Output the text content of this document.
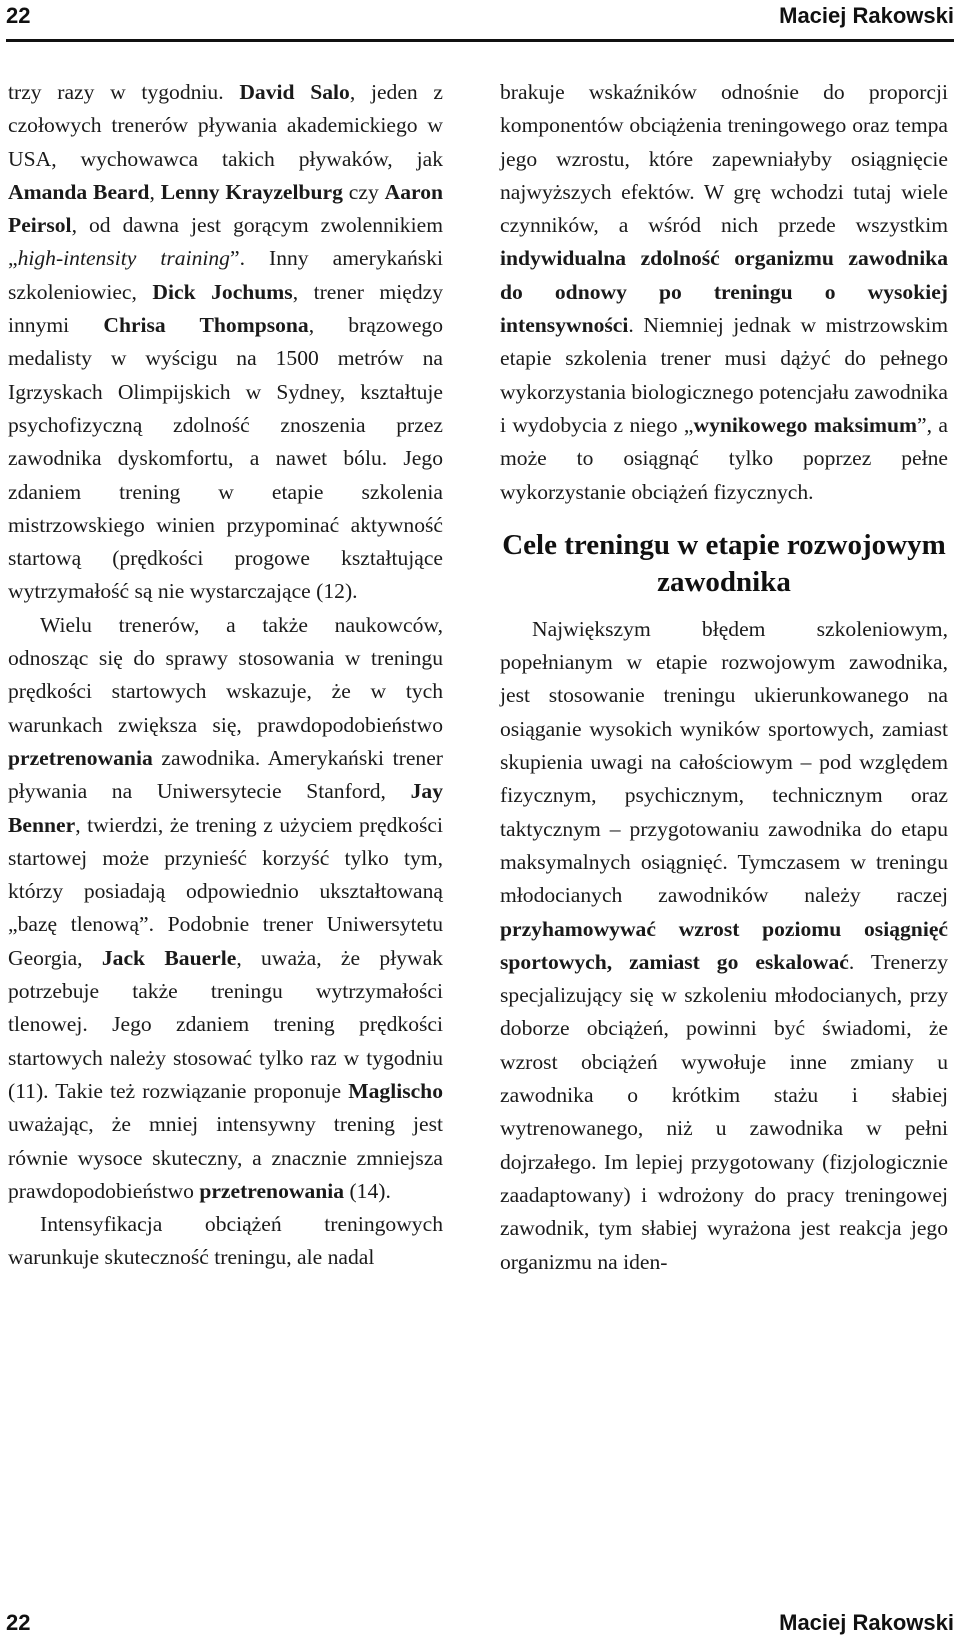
22	Maciej Rakowski

trzy razy w tygodniu. David Salo, jeden z czołowych trenerów pływania akademickiego w USA, wychowawca takich pływaków, jak Amanda Beard, Lenny Krayzelburg czy Aaron Peirsol, od dawna jest gorącym zwolennikiem „high-intensity training”. Inny amerykański szkoleniowiec, Dick Jochums, trener między innymi Chrisa Thompsona, brązowego medalisty w wyścigu na 1500 metrów na Igrzyskach Olimpijskich w Sydney, kształtuje psychofizyczną zdolność znoszenia przez zawodnika dyskomfortu, a nawet bólu. Jego zdaniem trening w etapie szkolenia mistrzowskiego winien przypominać aktywność startową (prędkości progowe kształtujące wytrzymałość są nie wystarczające (12).

Wielu trenerów, a także naukowców, odnosząc się do sprawy stosowania w treningu prędkości startowych wskazuje, że w tych warunkach zwiększa się, prawdopodobieństwo przetrenowania zawodnika. Amerykański trener pływania na Uniwersytecie Stanford, Jay Benner, twierdzi, że trening z użyciem prędkości startowej może przynieść korzyść tylko tym, którzy posiadają odpowiednio ukształtowaną „bazę tlenową”. Podobnie trener Uniwersytetu Georgia, Jack Bauerle, uważa, że pływak potrzebuje także treningu wytrzymałości tlenowej. Jego zdaniem trening prędkości startowych należy stosować tylko raz w tygodniu (11). Takie też rozwiązanie proponuje Maglischo uważając, że mniej intensywny trening jest równie wysoce skuteczny, a znacznie zmniejsza prawdopodobieństwo przetrenowania (14).

Intensyfikacja obciążeń treningowych warunkuje skuteczność treningu, ale nadal

brakuje wskaźników odnośnie do proporcji komponentów obciążenia treningowego oraz tempa jego wzrostu, które zapewniałyby osiągnięcie najwyższych efektów. W grę wchodzi tutaj wiele czynników, a wśród nich przede wszystkim indywidualna zdolność organizmu zawodnika do odnowy po treningu o wysokiej intensywności. Niemniej jednak w mistrzowskim etapie szkolenia trener musi dążyć do pełnego wykorzystania biologicznego potencjału zawodnika i wydobycia z niego „wynikowego maksimum”, a może to osiągnąć tylko poprzez pełne wykorzystanie obciążeń fizycznych.

Cele treningu w etapie rozwojowym zawodnika

Największym błędem szkoleniowym, popełnianym w etapie rozwojowym zawodnika, jest stosowanie treningu ukierunkowanego na osiąganie wysokich wyników sportowych, zamiast skupienia uwagi na całościowym – pod względem fizycznym, psychicznym, technicznym oraz taktycznym – przygotowaniu zawodnika do etapu maksymalnych osiągnięć. Tymczasem w treningu młodocianych zawodników należy raczej przyhamowywać wzrost poziomu osiągnięć sportowych, zamiast go eskalować. Trenerzy specjalizujący się w szkoleniu młodocianych, przy doborze obciążeń, powinni być świadomi, że wzrost obciążeń wywołuje inne zmiany u zawodnika o krótkim stażu i słabiej wytrenowanego, niż u zawodnika w pełni dojrzałego. Im lepiej przygotowany (fizjologicznie zaadaptowany) i wdrożony do pracy treningowej zawodnik, tym słabiej wyrażona jest reakcja jego organizmu na iden-

22	Maciej Rakowski
